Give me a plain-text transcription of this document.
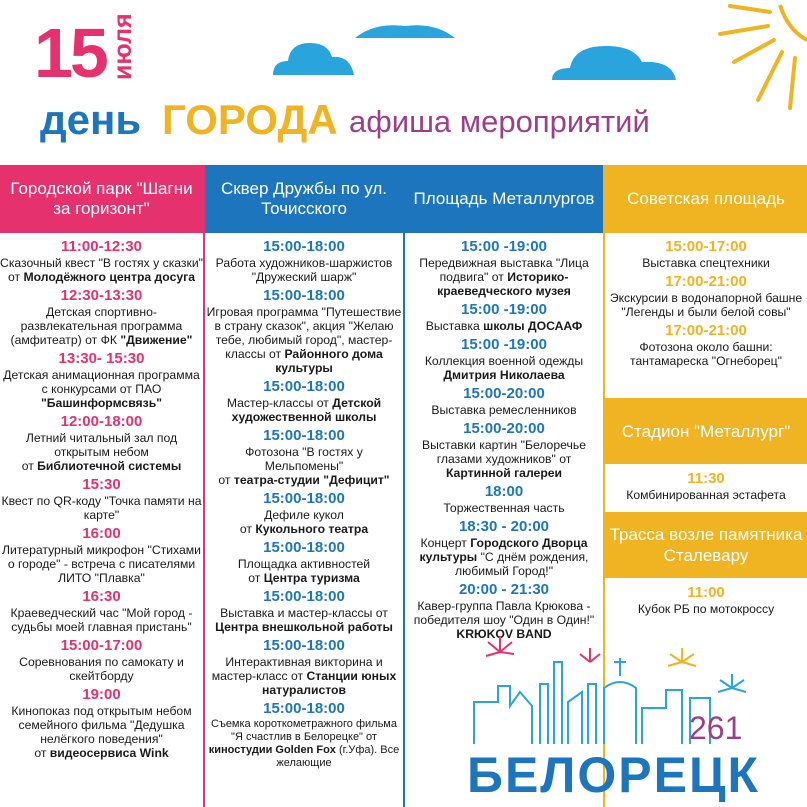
15 июля
день ГОРОДА афиша мероприятий
Городской парк "Шагни за горизонт"
Сквер Дружбы по ул. Точисского
Площадь Металлургов	Советская площадь
11:00-12:30
Сказочный квест "В гостях у сказки"
от Молодёжного центра досуга
12:30-13:30
Детская спортивно-развлекательная программа (амфитеатр) от ФК "Движение"
13:30- 15:30
Детская анимационная программа с конкурсами от ПАО "Башинформсвязь"
12:00-18:00
Летний читальный зал под открытым небом
от Библиотечной системы
15:30
Квест по QR-коду "Точка памяти на карте"
16:00
Литературный микрофон "Стихами о городе" - встреча с писателями ЛИТО "Плавка"
16:30
Краеведческий час "Мой город - судьбы моей главная пристань"
15:00-17:00
Соревнования по самокату и скейтборду
19:00
Кинопоказ под открытым небом семейного фильма "Дедушка нелёгкого поведения"
от видеосервиса Wink
15:00-18:00
Работа художников-шаржистов "Дружеский шарж"
15:00-18:00
Игровая программа "Путешествие в страну сказок", акция "Желаю тебе, любимый город", мастер-классы от Районного дома культуры
15:00-18:00
Мастер-классы от Детской художественной школы
15:00-18:00
Фотозона "В гостях у Мельпомены"
от театра-студии "Дефицит"
15:00-18:00
Дефиле кукол
от Кукольного театра
15:00-18:00
Площадка активностей
от Центра туризма
15:00-18:00
Выставка и мастер-классы от Центра внешкольной работы
15:00-18:00
Интерактивная викторина и мастер-класс от Станции юных натуралистов
15:00-18:00
Съемка короткометражного фильма "Я счастлив в Белорецке" от киностудии Golden Fox (г.Уфа). Все желающие
15:00 -19:00
Передвижная выставка "Лица подвига" от Историко-краеведческого музея
15:00 -19:00
Выставка школы ДОСААФ
15:00 -19:00
Коллекция военной одежды
Дмитрия Николаева
15:00-20:00
Выставка ремесленников
15:00-20:00
Выставки картин "Белоречье глазами художников" от
Картинной галереи
18:00
Торжественная часть
18:30 - 20:00
Концерт Городского Дворца культуры "С днём рождения, любимый Город!"
20:00 - 21:30
Кавер-группа Павла Крюкова - победителя шоу "Один в Один!"
KRЮKOV BAND
15:00-17:00
Выставка спецтехники
17:00-21:00
Экскурсии в водонапорной башне "Легенды и были белой совы"
17:00-21:00
Фотозона около башни: тантамареска "Огнеборец"
Стадион "Металлург"
11:30
Комбинированная эстафета
Трасса возле памятника Сталевару
11:00
Кубок РБ по мотокроссу
261
БЕЛОРЕЦК
